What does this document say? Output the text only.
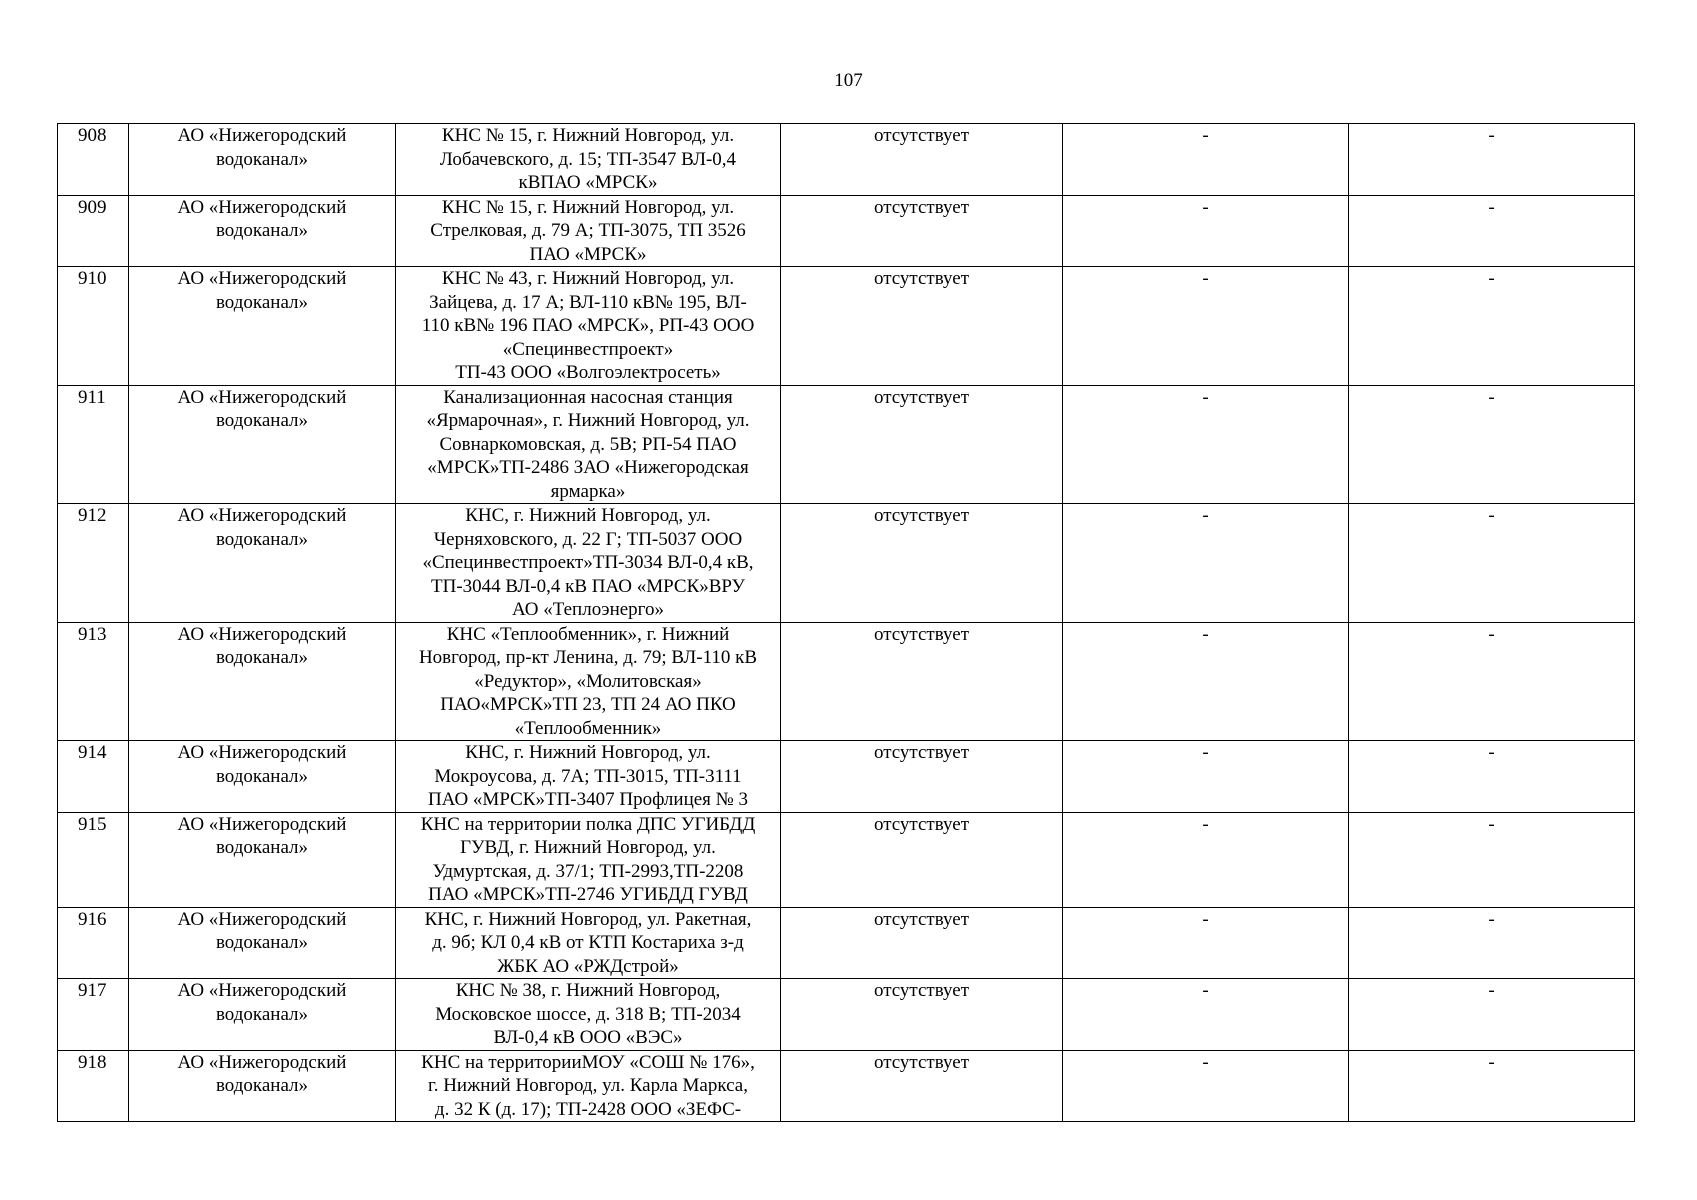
107
908	АО «Нижегородский
водоканал»	КНС № 15, г. Нижний Новгород, ул.
Лобачевского, д. 15; ТП-3547 ВЛ-0,4
кВПАО «МРСК»	отсутствует	-	-
909	АО «Нижегородский
водоканал»	КНС № 15, г. Нижний Новгород, ул.
Стрелковая, д. 79 А; ТП-3075, ТП 3526
ПАО «МРСК»	отсутствует	-	-
910	АО «Нижегородский
водоканал»	КНС № 43, г. Нижний Новгород, ул.
Зайцева, д. 17 А; ВЛ-110 кВ№ 195, ВЛ-
110 кВ№ 196 ПАО «МРСК», РП-43 ООО
«Специнвестпроект»
ТП-43 ООО «Волгоэлектросеть»	отсутствует	-	-
911	АО «Нижегородский
водоканал»	Канализационная насосная станция
«Ярмарочная», г. Нижний Новгород, ул.
Совнаркомовская, д. 5В; РП-54 ПАО
«МРСК»ТП-2486 ЗАО «Нижегородская
ярмарка»	отсутствует	-	-
912	АО «Нижегородский
водоканал»	КНС, г. Нижний Новгород, ул.
Черняховского, д. 22 Г; ТП-5037 ООО
«Специнвестпроект»ТП-3034 ВЛ-0,4 кВ,
ТП-3044 ВЛ-0,4 кВ ПАО «МРСК»ВРУ
АО «Теплоэнерго»	отсутствует	-	-
913	АО «Нижегородский
водоканал»	КНС «Теплообменник», г. Нижний
Новгород, пр-кт Ленина, д. 79; ВЛ-110 кВ
«Редуктор», «Молитовская»
ПАО«МРСК»ТП 23, ТП 24 АО ПКО
«Теплообменник»	отсутствует	-	-
914	АО «Нижегородский
водоканал»	КНС, г. Нижний Новгород, ул.
Мокроусова, д. 7А; ТП-3015, ТП-3111
ПАО «МРСК»ТП-3407 Профлицея № 3	отсутствует	-	-
915	АО «Нижегородский
водоканал»	КНС на территории полка ДПС УГИБДД
ГУВД, г. Нижний Новгород, ул.
Удмуртская, д. 37/1; ТП-2993,ТП-2208
ПАО «МРСК»ТП-2746 УГИБДД ГУВД	отсутствует	-	-
916	АО «Нижегородский
водоканал»	КНС, г. Нижний Новгород, ул. Ракетная,
д. 9б; КЛ 0,4 кВ от КТП Костариха з-д
ЖБК АО «РЖДстрой»	отсутствует	-	-
917	АО «Нижегородский
водоканал»	КНС № 38, г. Нижний Новгород,
Московское шоссе, д. 318 В; ТП-2034
ВЛ-0,4 кВ ООО «ВЭС»	отсутствует	-	-
918	АО «Нижегородский
водоканал»	КНС на территорииМОУ «СОШ № 176»,
г. Нижний Новгород, ул. Карла Маркса,
д. 32 К (д. 17); ТП-2428 ООО «ЗЕФС-	отсутствует	-	-
